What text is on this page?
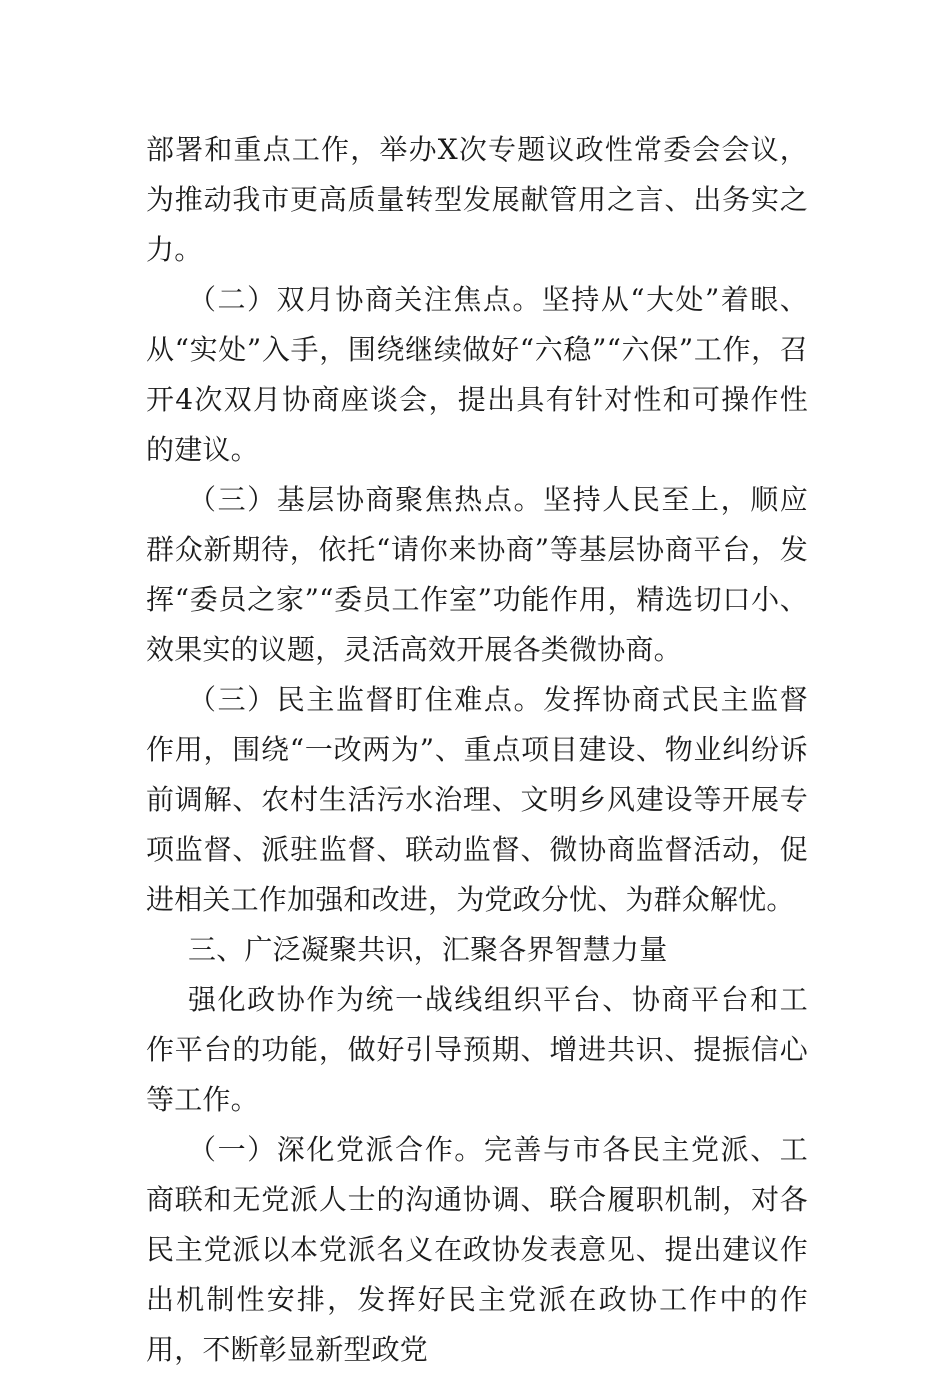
部署和重点工作，举办X次专题议政性常委会会议，为推动我市更高质量转型发展献管用之言、出务实之力。

（二）双月协商关注焦点。坚持从“大处”着眼、从“实处”入手，围绕继续做好“六稳”“六保”工作，召开4次双月协商座谈会，提出具有针对性和可操作性的建议。

（三）基层协商聚焦热点。坚持人民至上，顺应群众新期待，依托“请你来协商”等基层协商平台，发挥“委员之家”“委员工作室”功能作用，精选切口小、效果实的议题，灵活高效开展各类微协商。

（三）民主监督盯住难点。发挥协商式民主监督作用，围绕“一改两为”、重点项目建设、物业纠纷诉前调解、农村生活污水治理、文明乡风建设等开展专项监督、派驻监督、联动监督、微协商监督活动，促进相关工作加强和改进，为党政分忧、为群众解忧。

三、广泛凝聚共识，汇聚各界智慧力量

强化政协作为统一战线组织平台、协商平台和工作平台的功能，做好引导预期、增进共识、提振信心等工作。

（一）深化党派合作。完善与市各民主党派、工商联和无党派人士的沟通协调、联合履职机制，对各民主党派以本党派名义在政协发表意见、提出建议作出机制性安排，发挥好民主党派在政协工作中的作用，不断彰显新型政党
